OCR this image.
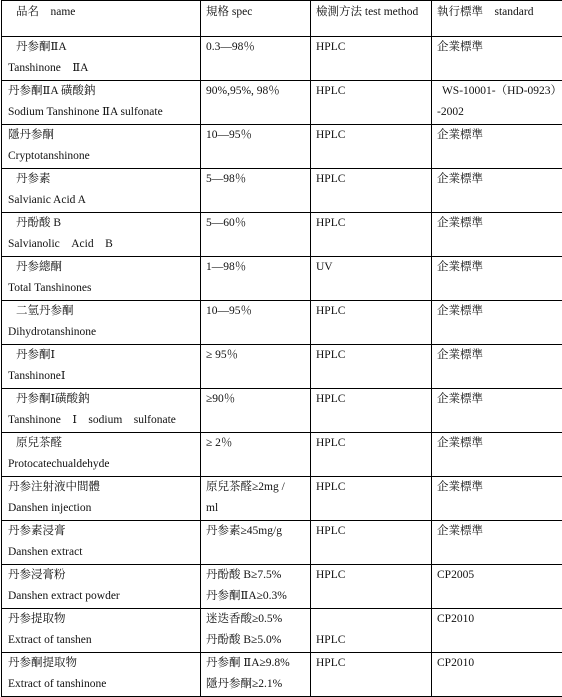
品名　name	規格 spec	檢測方法 test method	執行標準　standard

丹参酮ⅡA
Tanshinone　ⅡA	0.3—98％	HPLC	企業標準

丹参酮ⅡA 磺酸鈉
Sodium Tanshinone ⅡA sulfonate	90%,95%, 98％	HPLC	WS-10001-（HD-0923）
-2002

隱丹参酮
Cryptotanshinone	10—95％	HPLC	企業標準

丹参素
Salvianic Acid A	5—98％	HPLC	企業標準

丹酚酸 B
Salvianolic　Acid　B	5—60％	HPLC	企業標準

丹参總酮
Total Tanshinones	1—98％	UV	企業標準

二氫丹参酮
Dihydrotanshinone	10—95％	HPLC	企業標準

丹参酮Ⅰ
TanshinoneⅠ	≥ 95％	HPLC	企業標準

丹参酮Ⅰ磺酸鈉
Tanshinone　Ⅰ　sodium　sulfonate	≥90％	HPLC	企業標準

原兒茶醛
Protocatechualdehyde	≥ 2％	HPLC	企業標準

丹参注射液中間體
Danshen injection	原兒茶醛≥2mg /
ml	HPLC	企業標準

丹参素浸膏
Danshen extract	丹参素≥45mg/g	HPLC	企業標準

丹参浸膏粉
Danshen extract powder	丹酚酸 B≥7.5%
丹参酮ⅡA≥0.3%	HPLC	CP2005

丹参提取物
Extract of tanshen	迷迭香酸≥0.5%
丹酚酸 B≥5.0%	HPLC	CP2010

丹参酮提取物
Extract of tanshinone	丹参酮 ⅡA≥9.8%
隱丹参酮≥2.1%	HPLC	CP2010
